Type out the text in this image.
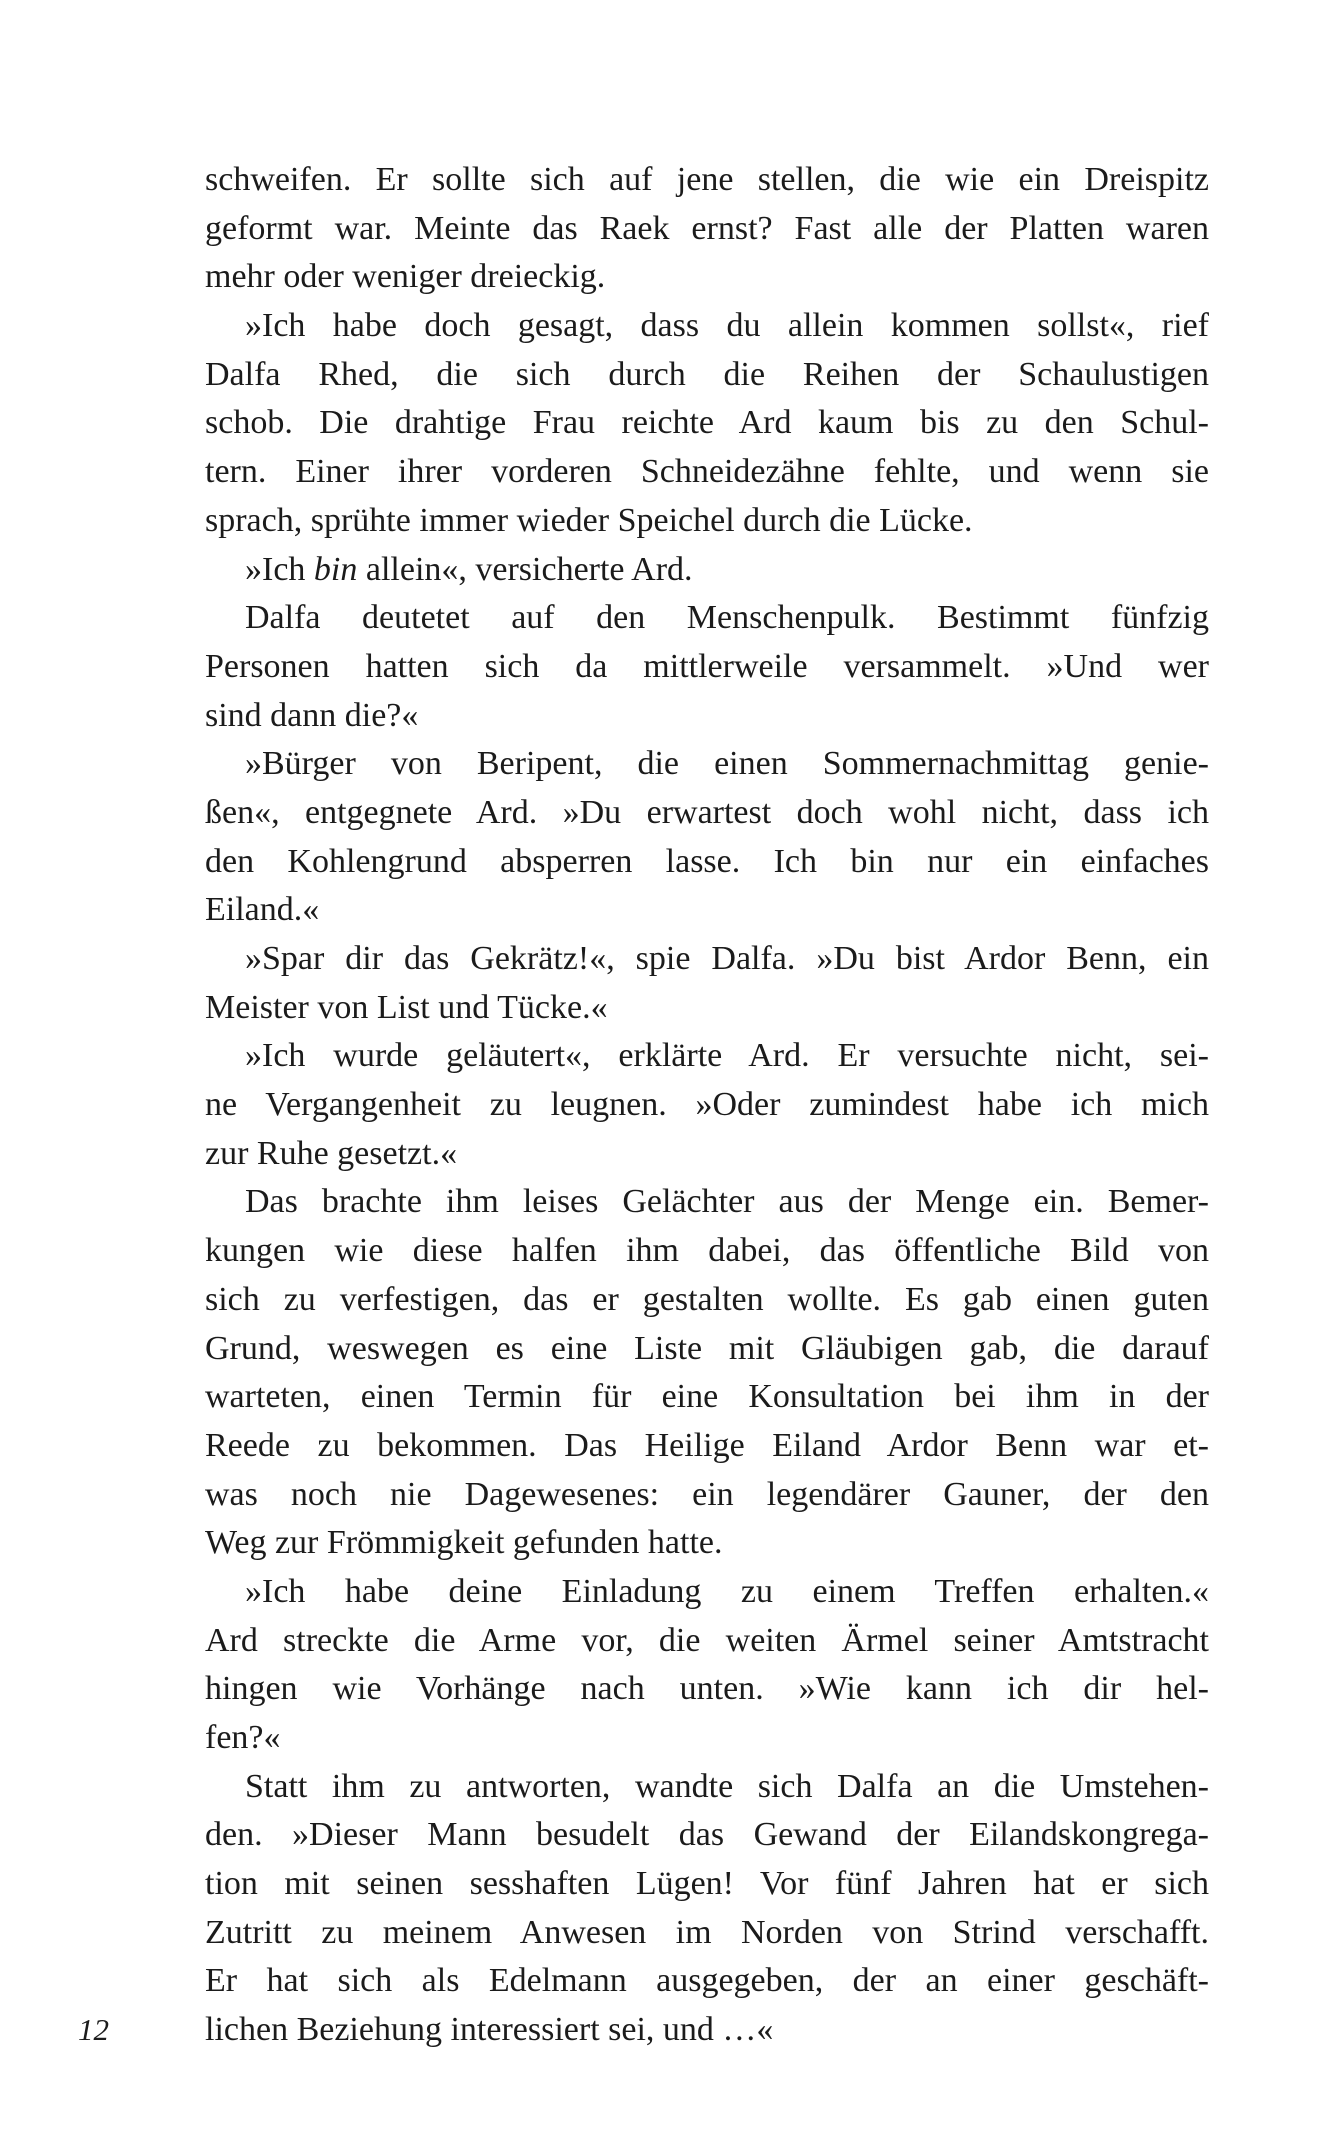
schweifen. Er sollte sich auf jene stellen, die wie ein Dreispitz
geformt war. Meinte das Raek ernst? Fast alle der Platten waren
mehr oder weniger dreieckig.
»Ich habe doch gesagt, dass du allein kommen sollst«, rief
Dalfa Rhed, die sich durch die Reihen der Schaulustigen
schob. Die drahtige Frau reichte Ard kaum bis zu den Schul-
tern. Einer ihrer vorderen Schneidezähne fehlte, und wenn sie
sprach, sprühte immer wieder Speichel durch die Lücke.
»Ich bin allein«, versicherte Ard.
Dalfa deutetet auf den Menschenpulk. Bestimmt fünfzig
Personen hatten sich da mittlerweile versammelt. »Und wer
sind dann die?«
»Bürger von Beripent, die einen Sommernachmittag genie-
ßen«, entgegnete Ard. »Du erwartest doch wohl nicht, dass ich
den Kohlengrund absperren lasse. Ich bin nur ein einfaches
Eiland.«
»Spar dir das Gekrätz!«, spie Dalfa. »Du bist Ardor Benn, ein
Meister von List und Tücke.«
»Ich wurde geläutert«, erklärte Ard. Er versuchte nicht, sei-
ne Vergangenheit zu leugnen. »Oder zumindest habe ich mich
zur Ruhe gesetzt.«
Das brachte ihm leises Gelächter aus der Menge ein. Bemer-
kungen wie diese halfen ihm dabei, das öffentliche Bild von
sich zu verfestigen, das er gestalten wollte. Es gab einen guten
Grund, weswegen es eine Liste mit Gläubigen gab, die darauf
warteten, einen Termin für eine Konsultation bei ihm in der
Reede zu bekommen. Das Heilige Eiland Ardor Benn war et-
was noch nie Dagewesenes: ein legendärer Gauner, der den
Weg zur Frömmigkeit gefunden hatte.
»Ich habe deine Einladung zu einem Treffen erhalten.«
Ard streckte die Arme vor, die weiten Ärmel seiner Amtstracht
hingen wie Vorhänge nach unten. »Wie kann ich dir hel-
fen?«
Statt ihm zu antworten, wandte sich Dalfa an die Umstehen-
den. »Dieser Mann besudelt das Gewand der Eilandskongrega-
tion mit seinen sesshaften Lügen! Vor fünf Jahren hat er sich
Zutritt zu meinem Anwesen im Norden von Strind verschafft.
Er hat sich als Edelmann ausgegeben, der an einer geschäft-
lichen Beziehung interessiert sei, und …«
12
